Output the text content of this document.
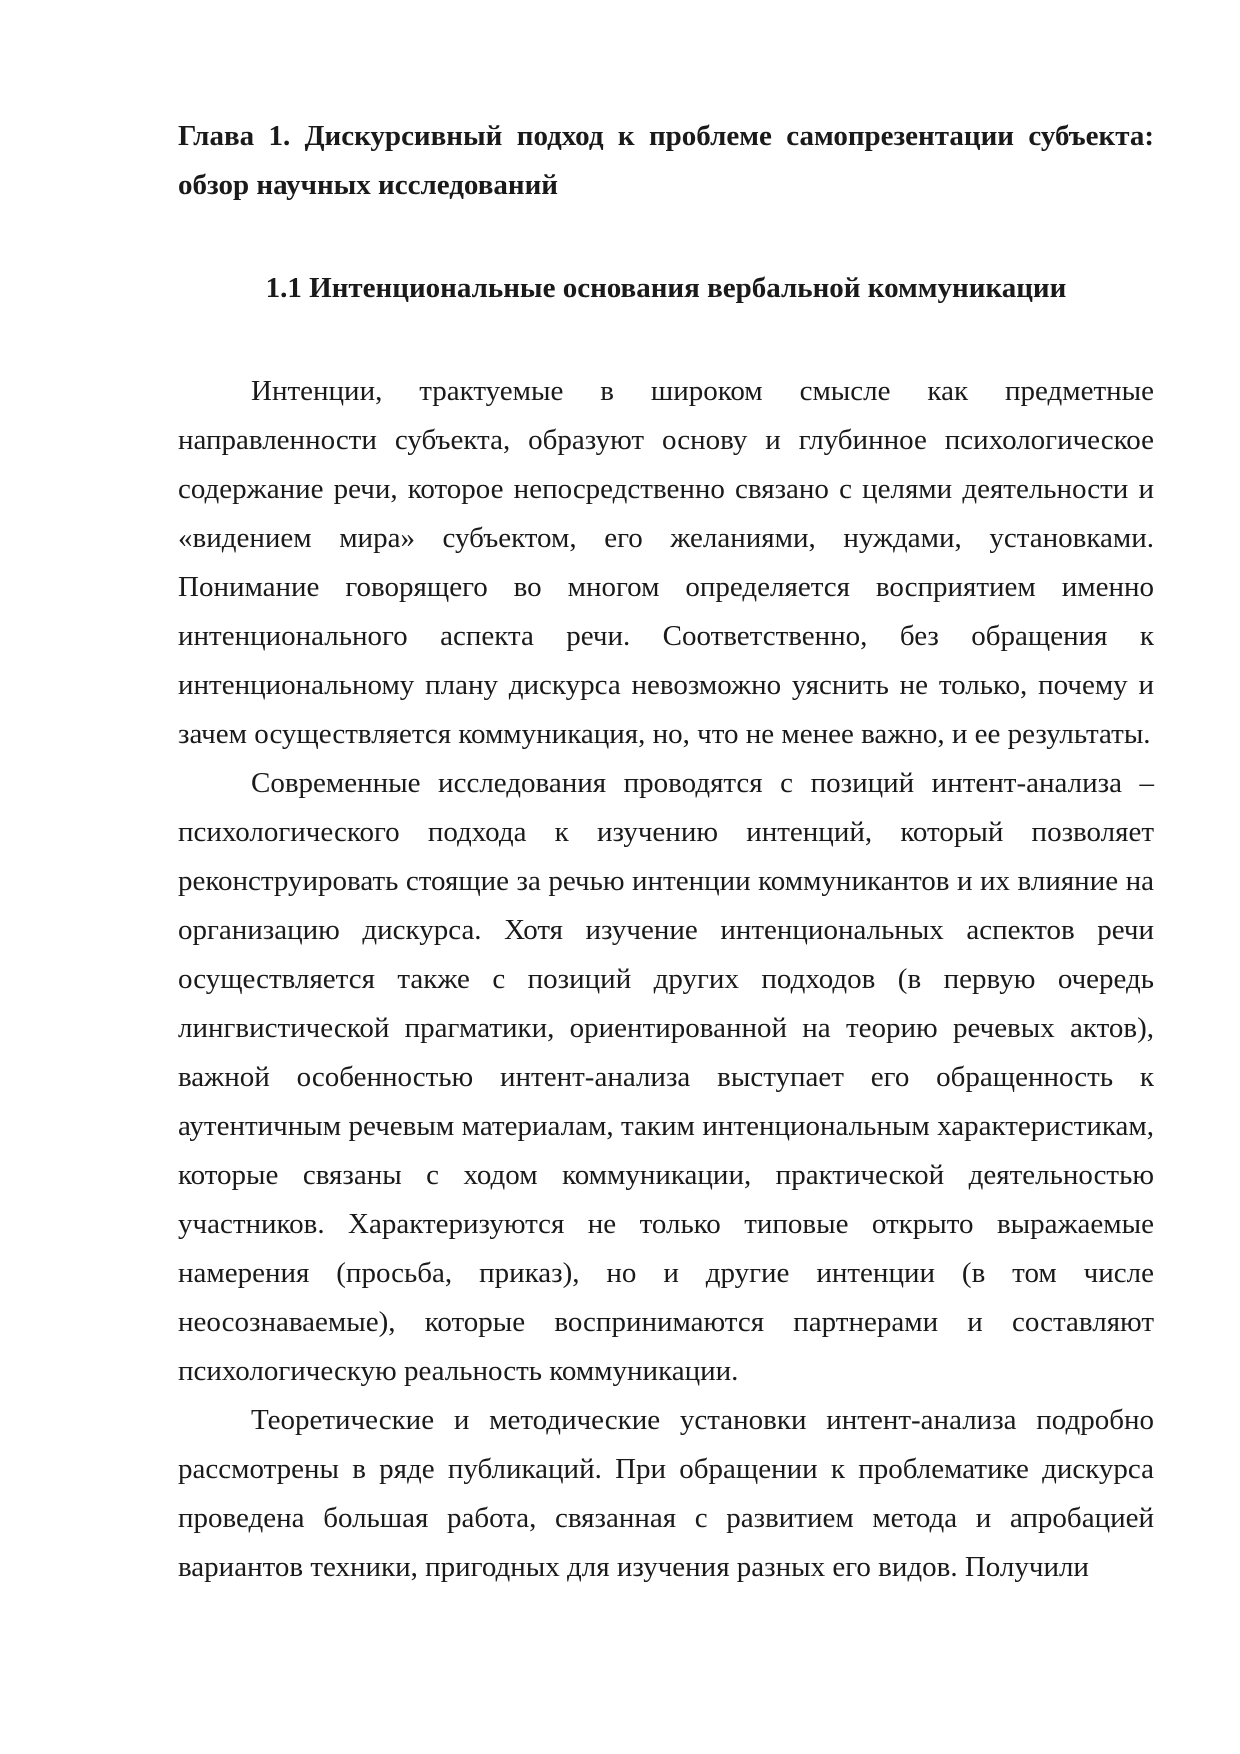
Глава 1. Дискурсивный подход к проблеме самопрезентации субъекта: обзор научных исследований
1.1 Интенциональные основания вербальной коммуникации

Интенции, трактуемые в широком смысле как предметные направленности субъекта, образуют основу и глубинное психологическое содержание речи, которое непосредственно связано с целями деятельности и «видением мира» субъектом, его желаниями, нуждами, установками. Понимание говорящего во многом определяется восприятием именно интенционального аспекта речи. Соответственно, без обращения к интенциональному плану дискурса невозможно уяснить не только, почему и зачем осуществляется коммуникация, но, что не менее важно, и ее результаты.

Современные исследования проводятся с позиций интент-анализа – психологического подхода к изучению интенций, который позволяет реконструировать стоящие за речью интенции коммуникантов и их влияние на организацию дискурса. Хотя изучение интенциональных аспектов речи осуществляется также с позиций других подходов (в первую очередь лингвистической прагматики, ориентированной на теорию речевых актов), важной особенностью интент-анализа выступает его обращенность к аутентичным речевым материалам, таким интенциональным характеристикам, которые связаны с ходом коммуникации, практической деятельностью участников. Характеризуются не только типовые открыто выражаемые намерения (просьба, приказ), но и другие интенции (в том числе неосознаваемые), которые воспринимаются партнерами и составляют психологическую реальность коммуникации.

Теоретические и методические установки интент-анализа подробно рассмотрены в ряде публикаций. При обращении к проблематике дискурса проведена большая работа, связанная с развитием метода и апробацией вариантов техники, пригодных для изучения разных его видов. Получили
